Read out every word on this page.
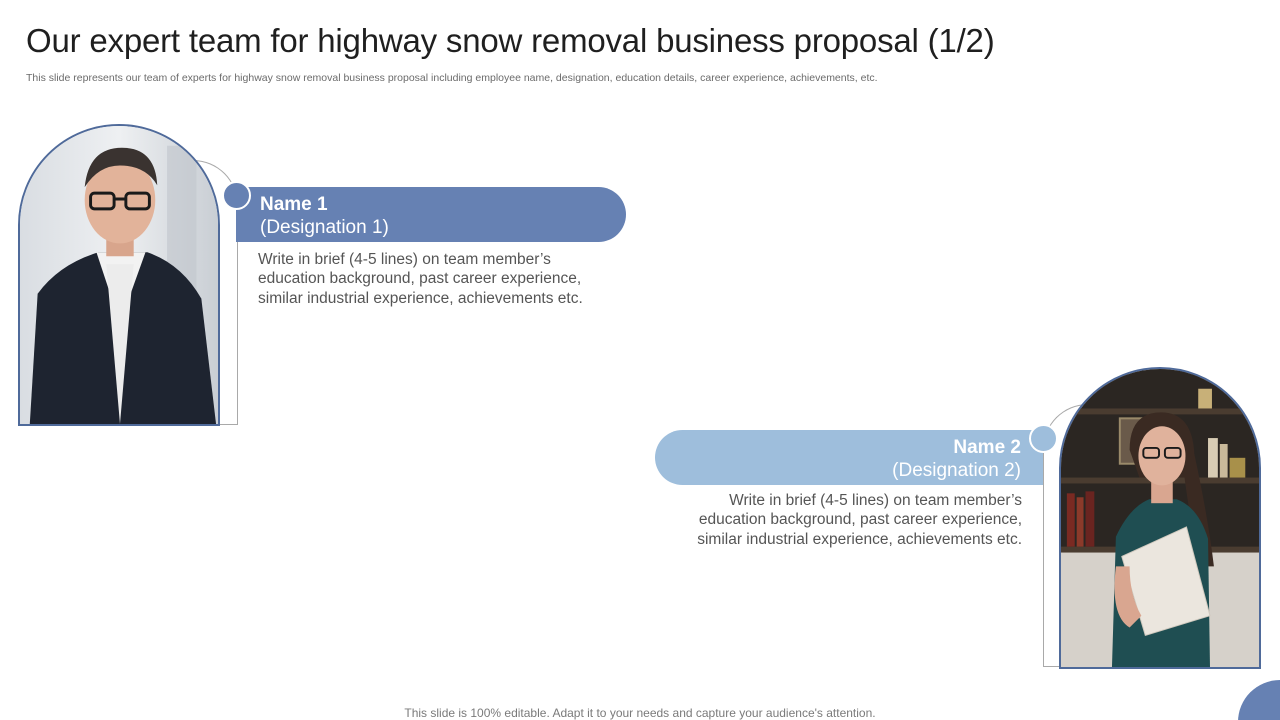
Our expert team for highway snow removal business proposal (1/2)
This slide represents our team of experts for highway snow removal business proposal including employee name, designation, education details, career experience, achievements, etc.
Name 1
(Designation 1)
Write in brief (4-5 lines) on team member’s education background, past career experience, similar industrial experience, achievements etc.
Name 2
(Designation 2)
Write in brief (4-5 lines) on team member’s education background, past career experience, similar industrial experience, achievements etc.
This slide is 100% editable. Adapt it to your needs and capture your audience's attention.
